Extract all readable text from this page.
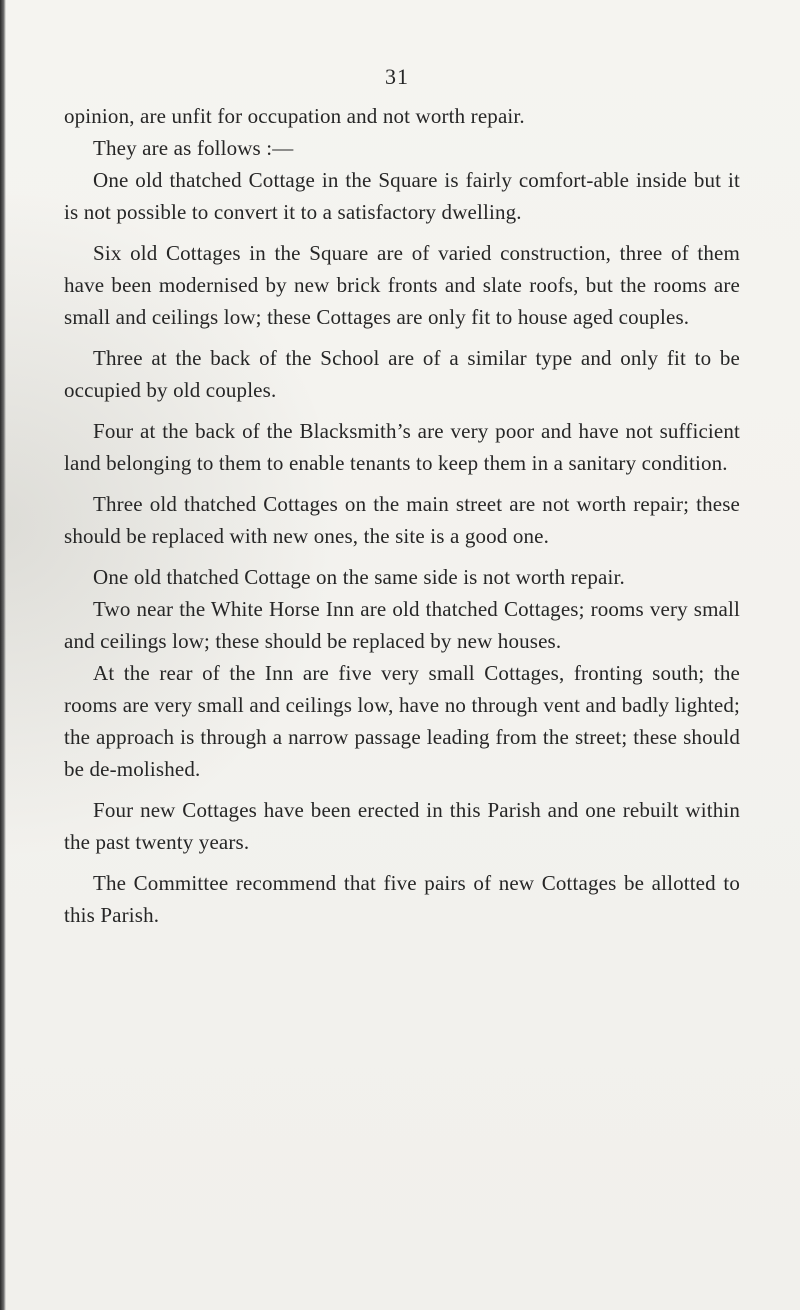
31

opinion, are unfit for occupation and not worth repair.

They are as follows :—

One old thatched Cottage in the Square is fairly comfort-able inside but it is not possible to convert it to a satisfactory dwelling.

Six old Cottages in the Square are of varied construction, three of them have been modernised by new brick fronts and slate roofs, but the rooms are small and ceilings low; these Cottages are only fit to house aged couples.

Three at the back of the School are of a similar type and only fit to be occupied by old couples.

Four at the back of the Blacksmith’s are very poor and have not sufficient land belonging to them to enable tenants to keep them in a sanitary condition.

Three old thatched Cottages on the main street are not worth repair; these should be replaced with new ones, the site is a good one.

One old thatched Cottage on the same side is not worth repair.

Two near the White Horse Inn are old thatched Cottages; rooms very small and ceilings low; these should be replaced by new houses.

At the rear of the Inn are five very small Cottages, fronting south; the rooms are very small and ceilings low, have no through vent and badly lighted; the approach is through a narrow passage leading from the street; these should be de-molished.

Four new Cottages have been erected in this Parish and one rebuilt within the past twenty years.

The Committee recommend that five pairs of new Cottages be allotted to this Parish.
